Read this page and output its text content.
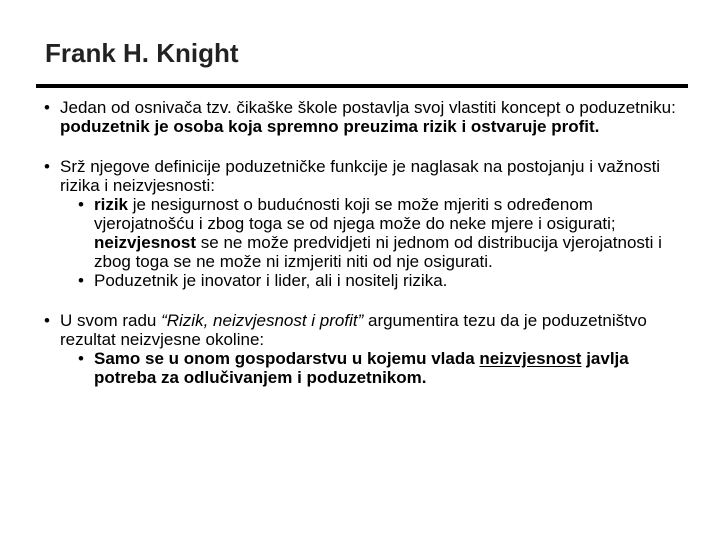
Frank H. Knight
• Jedan od osnivača tzv. čikaške škole postavlja svoj vlastiti koncept o poduzetniku: poduzetnik je osoba koja spremno preuzima rizik i ostvaruje profit.
• Srž njegove definicije poduzetničke funkcije je naglasak na postojanju i važnosti rizika i neizvjesnosti:
• rizik je nesigurnost o budućnosti koji se može mjeriti s određenom vjerojatnošću i zbog toga se od njega može do neke mjere i osigurati; neizvjesnost se ne može predvidjeti ni jednom od distribucija vjerojatnosti i zbog toga se ne može ni izmjeriti niti od nje osigurati.
• Poduzetnik je inovator i lider, ali i nositelj rizika.
• U svom radu “Rizik, neizvjesnost i profit” argumentira tezu da je poduzetništvo rezultat neizvjesne okoline:
• Samo se u onom gospodarstvu u kojemu vlada neizvjesnost javlja potreba za odlučivanjem i poduzetnikom.
